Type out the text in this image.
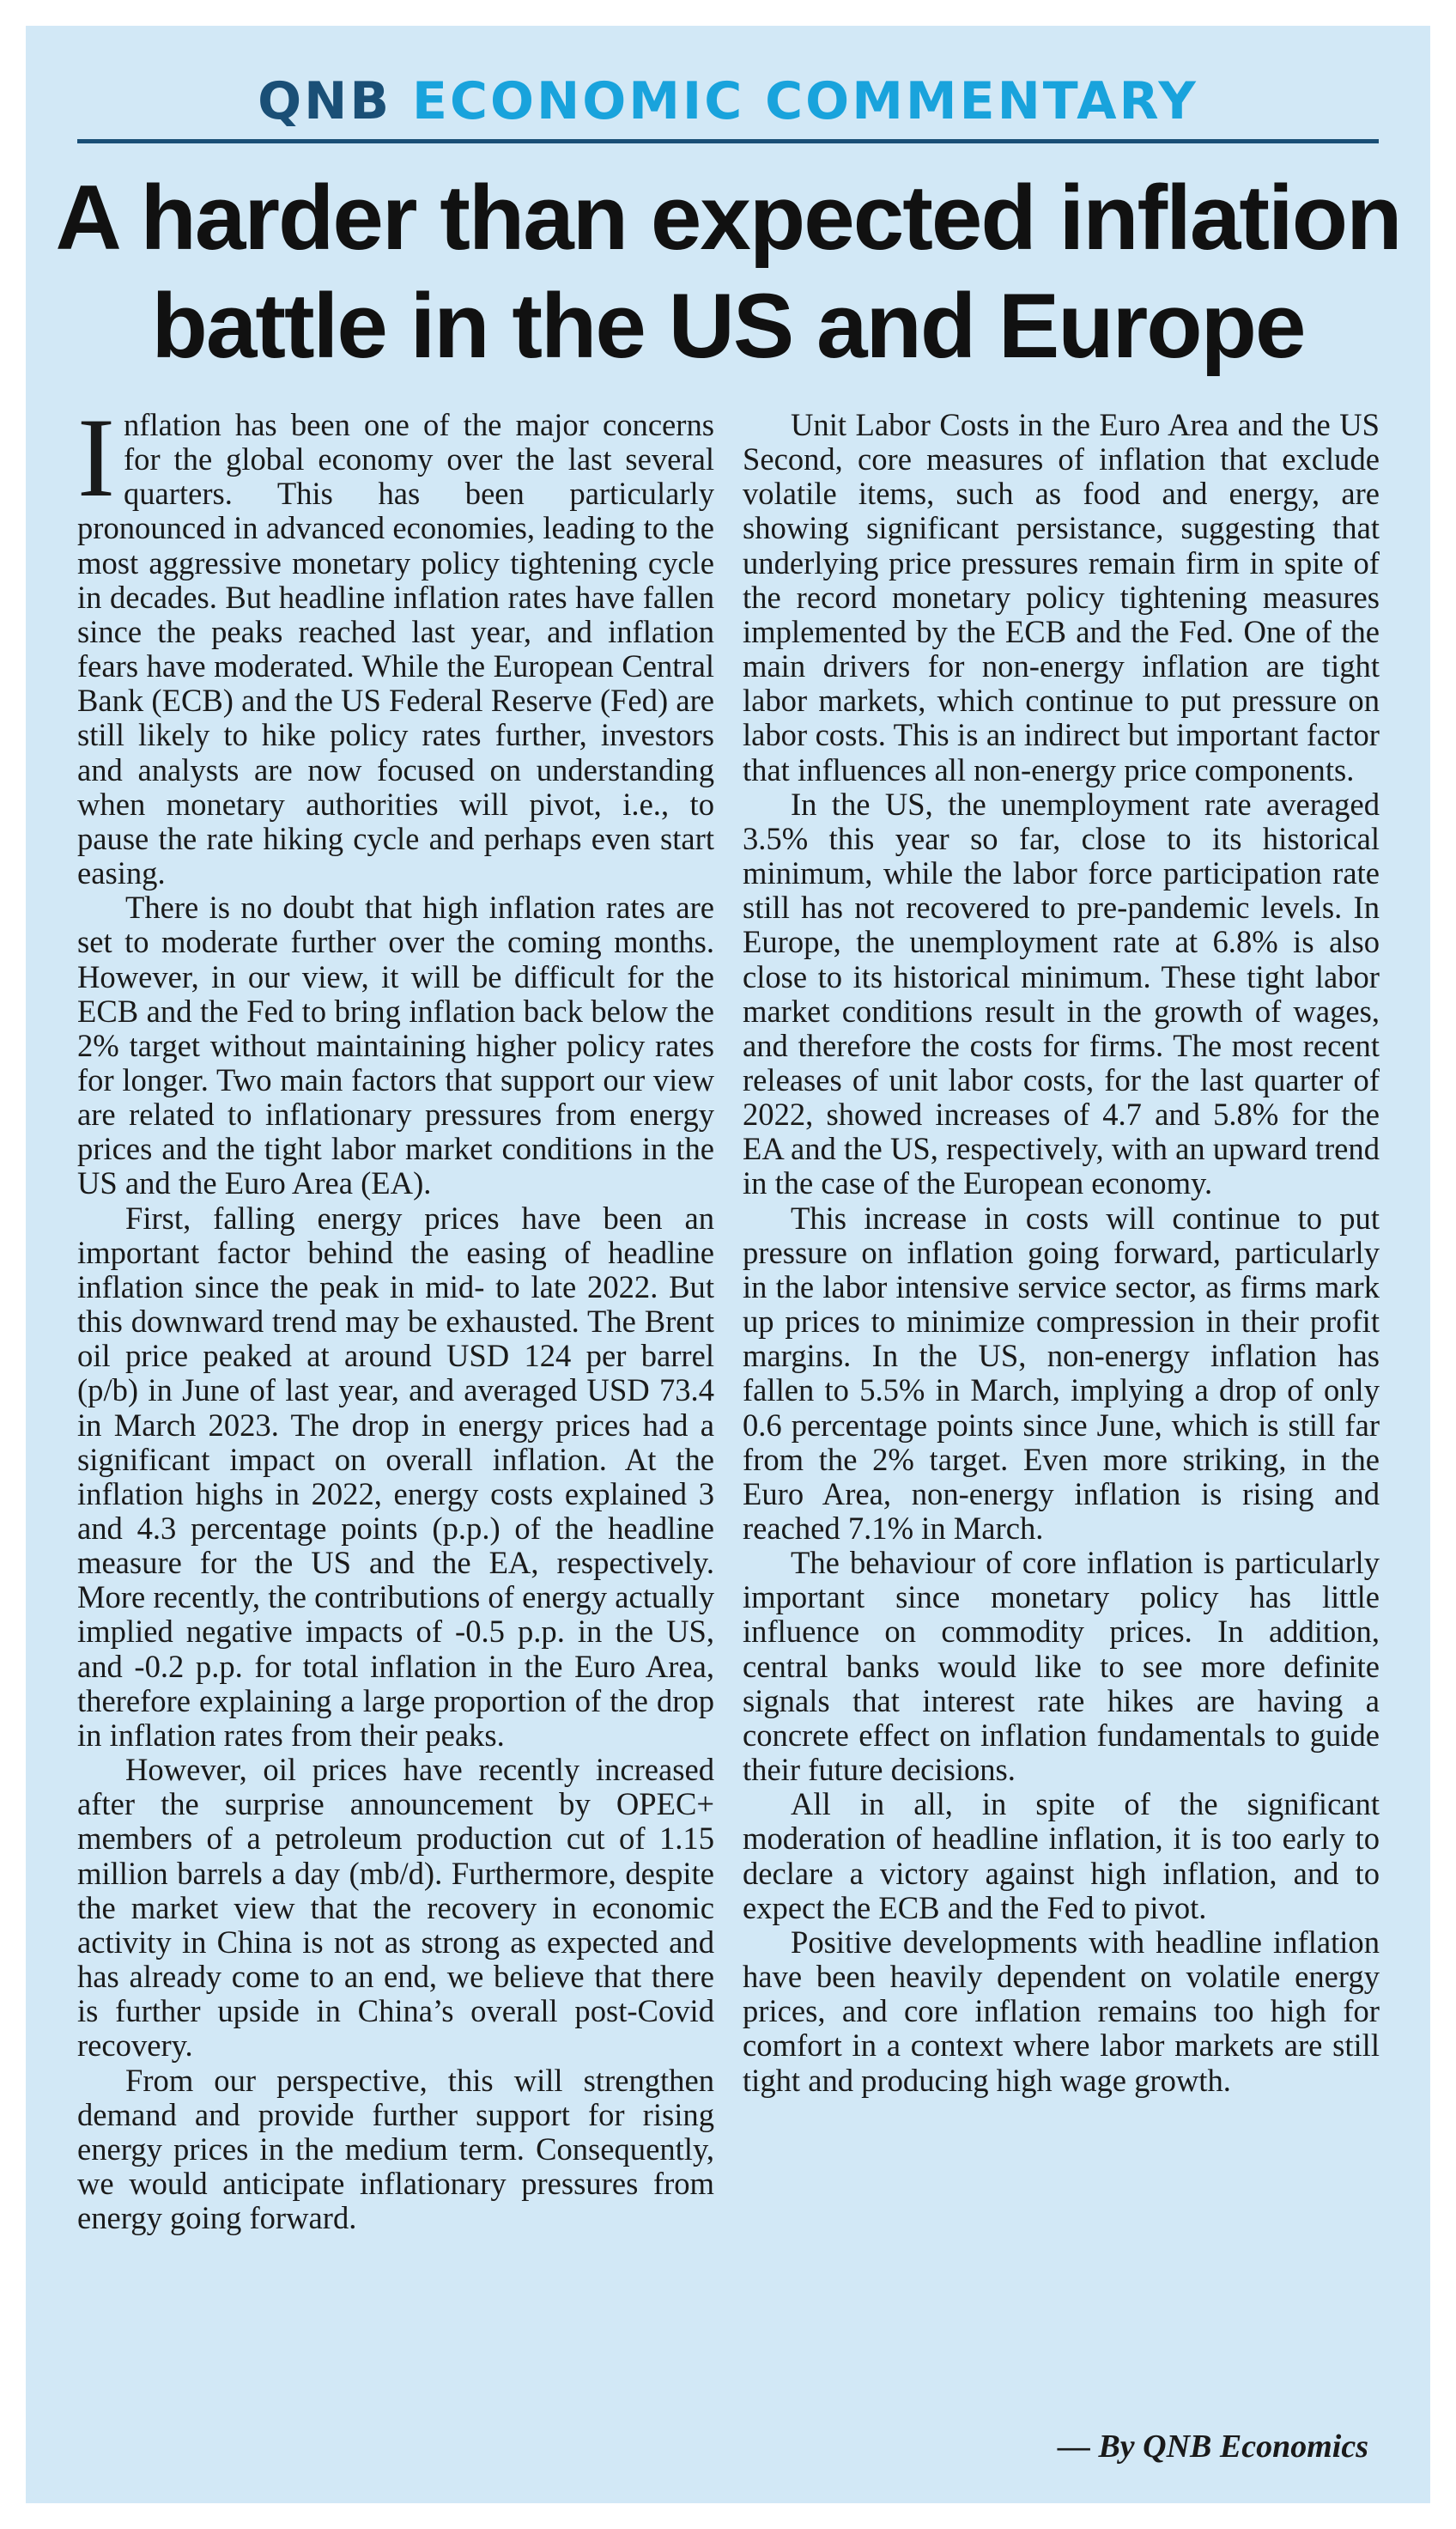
QNB ECONOMIC COMMENTARY
A harder than expected inflation battle in the US and Europe

Inflation has been one of the major concerns for the global economy over the last several quarters. This has been particularly pronounced in advanced economies, leading to the most aggressive monetary policy tightening cycle in decades. But headline inflation rates have fallen since the peaks reached last year, and inflation fears have moderated. While the European Central Bank (ECB) and the US Federal Reserve (Fed) are still likely to hike policy rates further, investors and analysts are now focused on understanding when monetary authorities will pivot, i.e., to pause the rate hiking cycle and perhaps even start easing.

There is no doubt that high inflation rates are set to moderate further over the coming months. However, in our view, it will be difficult for the ECB and the Fed to bring inflation back below the 2% target without maintaining higher policy rates for longer. Two main factors that support our view are related to inflationary pressures from energy prices and the tight labor market conditions in the US and the Euro Area (EA).

First, falling energy prices have been an important factor behind the easing of headline inflation since the peak in mid- to late 2022. But this downward trend may be exhausted. The Brent oil price peaked at around USD 124 per barrel (p/b) in June of last year, and averaged USD 73.4 in March 2023. The drop in energy prices had a significant impact on overall inflation. At the inflation highs in 2022, energy costs explained 3 and 4.3 percentage points (p.p.) of the headline measure for the US and the EA, respectively. More recently, the contributions of energy actually implied negative impacts of -0.5 p.p. in the US, and -0.2 p.p. for total inflation in the Euro Area, therefore explaining a large proportion of the drop in inflation rates from their peaks.

However, oil prices have recently increased after the surprise announcement by OPEC+ members of a petroleum production cut of 1.15 million barrels a day (mb/d). Furthermore, despite the market view that the recovery in economic activity in China is not as strong as expected and has already come to an end, we believe that there is further upside in China’s overall post-Covid recovery.

From our perspective, this will strengthen demand and provide further support for rising energy prices in the medium term. Consequently, we would anticipate inflationary pressures from energy going forward.

Unit Labor Costs in the Euro Area and the US Second, core measures of inflation that exclude volatile items, such as food and energy, are showing significant persistance, suggesting that underlying price pressures remain firm in spite of the record monetary policy tightening measures implemented by the ECB and the Fed. One of the main drivers for non-energy inflation are tight labor markets, which continue to put pressure on labor costs. This is an indirect but important factor that influences all non-energy price components.

In the US, the unemployment rate averaged 3.5% this year so far, close to its historical minimum, while the labor force participation rate still has not recovered to pre-pandemic levels. In Europe, the unemployment rate at 6.8% is also close to its historical minimum. These tight labor market conditions result in the growth of wages, and therefore the costs for firms. The most recent releases of unit labor costs, for the last quarter of 2022, showed increases of 4.7 and 5.8% for the EA and the US, respectively, with an upward trend in the case of the European economy.

This increase in costs will continue to put pressure on inflation going forward, particularly in the labor intensive service sector, as firms mark up prices to minimize compression in their profit margins. In the US, non-energy inflation has fallen to 5.5% in March, implying a drop of only 0.6 percentage points since June, which is still far from the 2% target. Even more striking, in the Euro Area, non-energy inflation is rising and reached 7.1% in March.

The behaviour of core inflation is particularly important since monetary policy has little influence on commodity prices. In addition, central banks would like to see more definite signals that interest rate hikes are having a concrete effect on inflation fundamentals to guide their future decisions.

All in all, in spite of the significant moderation of headline inflation, it is too early to declare a victory against high inflation, and to expect the ECB and the Fed to pivot.

Positive developments with headline inflation have been heavily dependent on volatile energy prices, and core inflation remains too high for comfort in a context where labor markets are still tight and producing high wage growth.

— By QNB Economics
